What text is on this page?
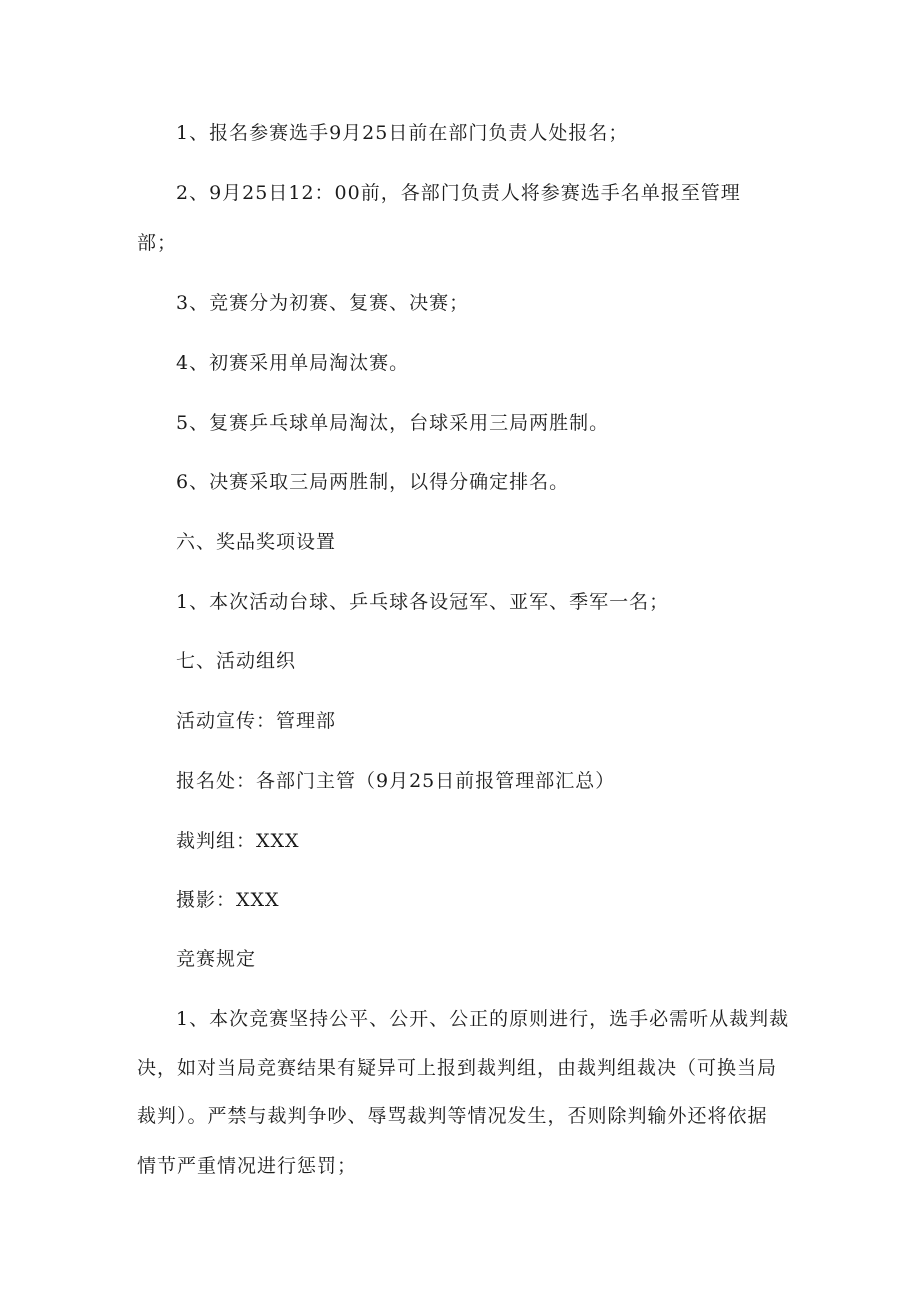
1、报名参赛选手9月25日前在部门负责人处报名；
2、9月25日12：00前，各部门负责人将参赛选手名单报至管理
部；
3、竞赛分为初赛、复赛、决赛；
4、初赛采用单局淘汰赛。
5、复赛乒乓球单局淘汰，台球采用三局两胜制。
6、决赛采取三局两胜制，以得分确定排名。
六、奖品奖项设置
1、本次活动台球、乒乓球各设冠军、亚军、季军一名；
七、活动组织
活动宣传：管理部
报名处：各部门主管（9月25日前报管理部汇总）
裁判组：XXX
摄影：XXX
竞赛规定
1、本次竞赛坚持公平、公开、公正的原则进行，选手必需听从裁判裁
决，如对当局竞赛结果有疑异可上报到裁判组，由裁判组裁决（可换当局
裁判）。严禁与裁判争吵、辱骂裁判等情况发生，否则除判输外还将依据
情节严重情况进行惩罚；
